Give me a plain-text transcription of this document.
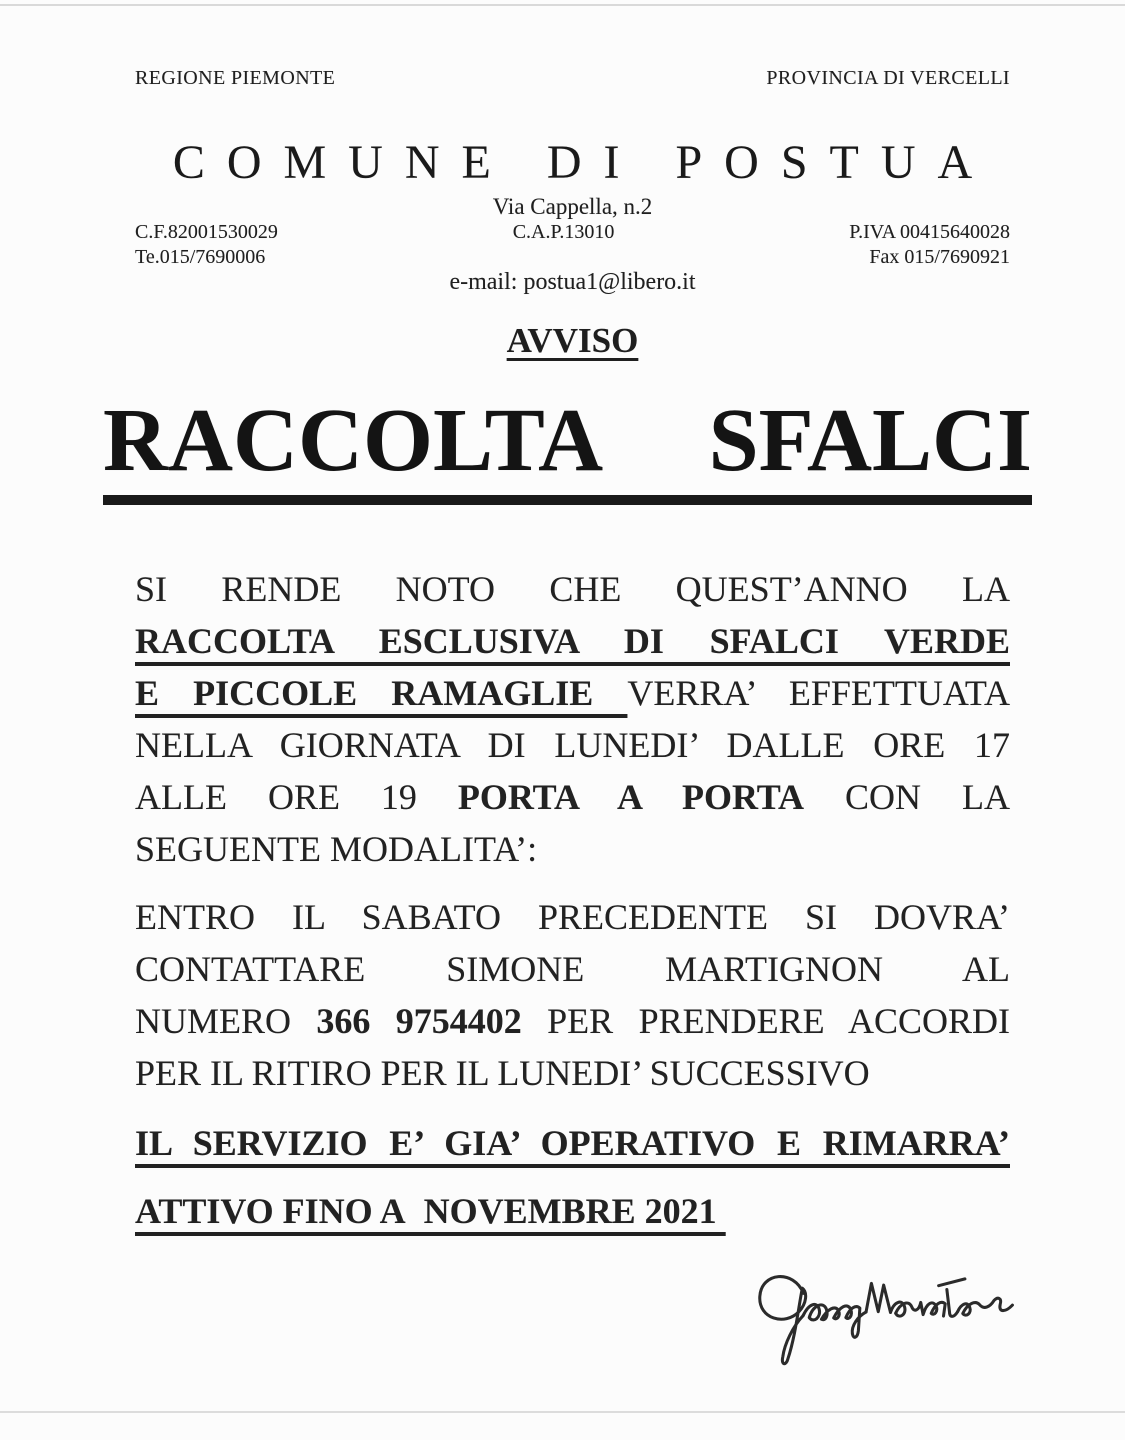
REGIONE PIEMONTE	PROVINCIA DI VERCELLI
COMUNE DI POSTUA
Via Cappella, n.2
C.F.82001530029
Te.015/7690006
C.A.P.13010	P.IVA 00415640028
Fax 015/7690921
e-mail: postua1@libero.it
AVVISO
RACCOLTA SFALCI
SI RENDE NOTO CHE QUEST’ANNO LA
RACCOLTA ESCLUSIVA DI SFALCI VERDE
E PICCOLE RAMAGLIE VERRA’ EFFETTUATA
NELLA GIORNATA DI LUNEDI’ DALLE ORE 17
ALLE ORE 19 PORTA A PORTA CON LA
SEGUENTE MODALITA’:
ENTRO IL SABATO PRECEDENTE SI DOVRA’
CONTATTARE SIMONE MARTIGNON AL
NUMERO 366 9754402 PER PRENDERE ACCORDI
PER IL RITIRO PER IL LUNEDI’ SUCCESSIVO
IL SERVIZIO E’ GIA’ OPERATIVO E RIMARRA’
ATTIVO FINO A  NOVEMBRE 2021
